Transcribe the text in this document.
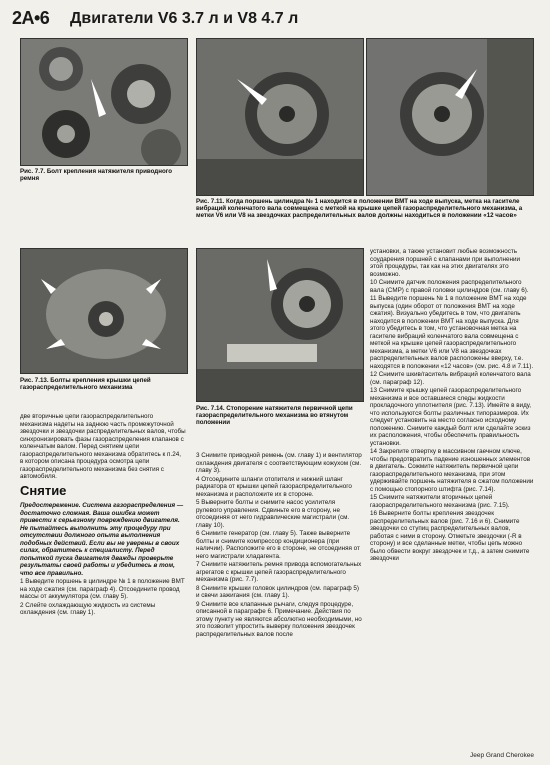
2A•6 Двигатели V6 3.7 л и V8 4.7 л
Рис. 7.7. Болт крепления натяжителя приводного ремня
Рис. 7.11. Когда поршень цилиндра № 1 находится в положении ВМТ на ходе выпуска, метка на гасителе вибраций коленчатого вала совмещена с меткой на крышке цепей газораспределительного механизма, а метки V6 или V8 на звездочках распределительных валов должны находиться в положении «12 часов»
Рис. 7.13. Болты крепления крышки цепей газораспределительного механизма
Рис. 7.14. Стопорение натяжителя первичной цепи газораспределительного механизма во втянутом положении

две вторичные цепи газораспределительного механизма надеты на заднюю часть промежуточной звездочки и звездочки распределительных валов, чтобы синхронизировать фазы газораспределения клапанов с коленчатым валом. Перед снятием цепи газораспределительного механизма обратитесь к п.24, в котором описана процедура осмотра цепи газораспределительного механизма без снятия с автомобиля.

Снятие

Предостережение. Система газораспределения — достаточно сложная. Ваша ошибка может привести к серьезному повреждению двигателя. Не пытайтесь выполнить эту процедуру при отсутствии должного опыта выполнения подобных действий. Если вы не уверены в своих силах, обратитесь к специалисту. Перед попыткой пуска двигателя дважды проверьте результаты своей работы и убедитесь в том, что все правильно.

1 Выведите поршень в цилиндре № 1 в положение ВМТ на ходе сжатия (см. параграф 4). Отсоедините провод массы от аккумулятора (см. главу 5).

2 Слейте охлаждающую жидкость из системы охлаждения (см. главу 1).

3 Снимите приводной ремень (см. главу 1) и вентилятор охлаждения двигателя с соответствующим кожухом (см. главу 3).

4 Отсоедините шланги отопителя и нижний шланг радиатора от крышки цепей газораспределительного механизма и расположите их в стороне.

5 Выверните болты и снимите насос усилителя рулевого управления. Сдвиньте его в сторону, не отсоединяя от него гидравлические магистрали (см. главу 10).

6 Снимите генератор (см. главу 5). Также выверните болты и снимите компрессор кондиционера (при наличии). Расположите его в стороне, не отсоединяя от него магистрали хладагента.

7 Снимите натяжитель ремня привода вспомогательных агрегатов с крышки цепей газораспределительного механизма (рис. 7.7).

8 Снимите крышки головок цилиндров (см. параграф 5) и свечи зажигания (см. главу 1).

9 Снимите все клапанные рычаги, следуя процедуре, описанной в параграфе 6. Примечание. Действия по этому пункту не являются абсолютно необходимыми, но это позволит упростить выверку положения звездочек распределительных валов после

установки, а также установит любые возможность соударения поршней с клапанами при выполнении этой процедуры, так как на этих двигателях это возможно.

10 Снимите датчик положения распределительного вала (CMP) с правой головки цилиндров (см. главу 6).

11 Выведите поршень № 1 в положение ВМТ на ходе выпуска (один оборот от положения ВМТ на ходе сжатия). Визуально убедитесь в том, что двигатель находится в положении ВМТ на ходе выпуска. Для этого убедитесь в том, что установочная метка на гасителе вибраций коленчатого вала совмещена с меткой на крышке цепей газораспределительного механизма, а метки V6 или V8 на звездочках распределительных валов расположены вверху, т.е. находятся в положении «12 часов» (см. рис. 4.8 и 7.11).

12 Снимите шкив/гаситель вибраций коленчатого вала (см. параграф 12).

13 Снимите крышку цепей газораспределительного механизма и все оставшиеся следы жидкости прокладочного уплотнителя (рис. 7.13). Имейте в виду, что используются болты различных типоразмеров. Их следует установить на место согласно исходному положению. Снимите каждый болт или сделайте эскиз их расположения, чтобы обеспечить правильность установки.

14 Закрепите отвертку в массивном гаечном ключе, чтобы предотвратить падение изношенных элементов в двигатель. Сожмите натяжитель первичной цепи газораспределительного механизма, при этом удерживайте поршень натяжителя в сжатом положении с помощью стопорного штифта (рис. 7.14).

15 Снимите натяжители вторичных цепей газораспределительного механизма (рис. 7.15).

16 Выверните болты крепления звездочек распределительных валов (рис. 7.16 и 6). Снимите звездочки со ступиц распределительных валов, работая с ними в сторону. Отметьте звездочки (-R в сторону) и все сделанные метки, чтобы цепь можно было обвести вокруг звездочек и т.д., а затем снимите звездочки

Jeep Grand Cherokee
